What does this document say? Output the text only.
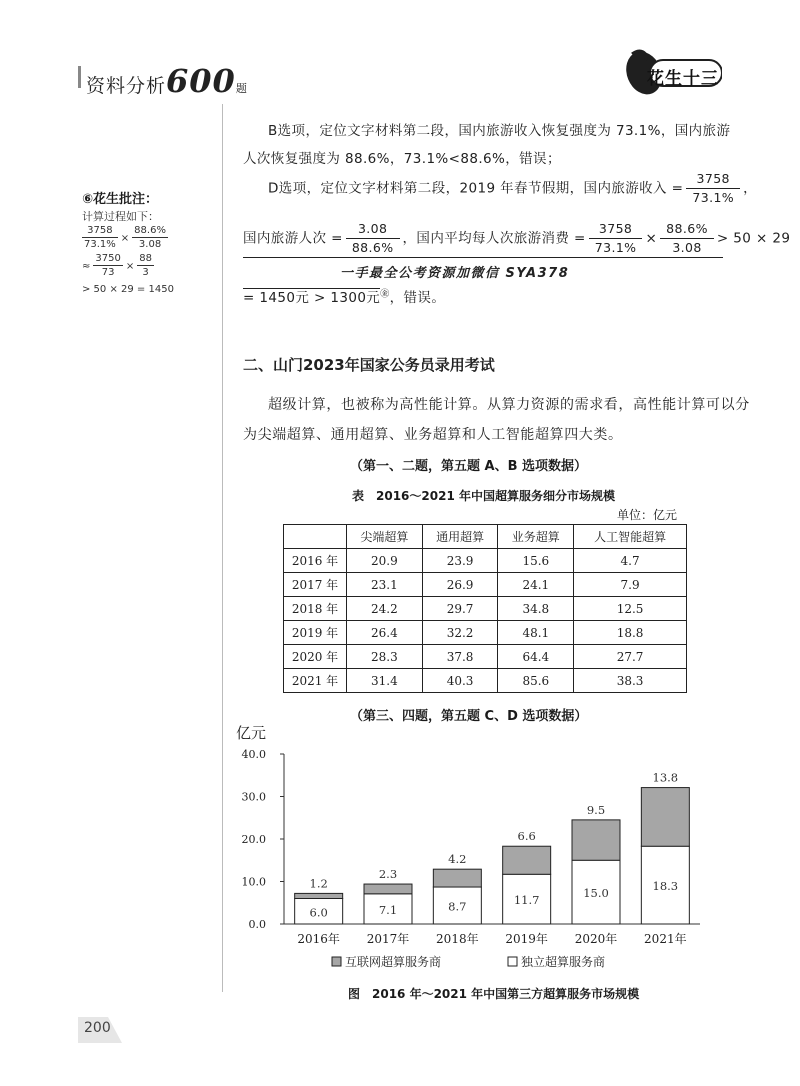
资料分析600题	花生十三
⑥花生批注：
计算过程如下：
$\frac{3758}{73.1\%} \times \frac{88.6\%}{3.08}$
≈ $\frac{3750}{73} \times \frac{88}{3}$
> 50 × 29 = 1450
B选项，定位文字材料第二段，国内旅游收入恢复强度为 73.1%，国内旅游
人次恢复强度为 88.6%，73.1%<88.6%，错误；
D选项，定位文字材料第二段，2019 年春节假期，国内旅游收入 = $\frac{3758}{73.1\%}$ ，
国内旅游人次 = $\frac{3.08}{88.6\%}$ ，国内平均每人次旅游消费 = $\frac{3758}{73.1\%} \times \frac{88.6\%}{3.08} > 50 \times 29$
一手最全公考资源加微信 SYA378
= 1450元 > 1300元㊎，错误。
二、山门2023年国家公务员录用考试
超级计算，也被称为高性能计算。从算力资源的需求看，高性能计算可以分
为尖端超算、通用超算、业务超算和人工智能超算四大类。
（第一、二题，第五题 A、B 选项数据）
表　2016～2021 年中国超算服务细分市场规模
单位：亿元
	尖端超算	通用超算	业务超算	人工智能超算
2016 年	20.9	23.9	15.6	4.7
2017 年	23.1	26.9	24.1	7.9
2018 年	24.2	29.7	34.8	12.5
2019 年	26.4	32.2	48.1	18.8
2020 年	28.3	37.8	64.4	27.7
2021 年	31.4	40.3	85.6	38.3
（第三、四题，第五题 C、D 选项数据）
亿元
0.0
10.0
20.0
30.0
40.0
6.0
1.2
2016年
7.1
2.3
2017年
8.7
4.2
2018年
11.7
6.6
2019年
15.0
9.5
2020年
18.3
13.8
2021年
互联网超算服务商	独立超算服务商
图　2016 年～2021 年中国第三方超算服务市场规模
200
